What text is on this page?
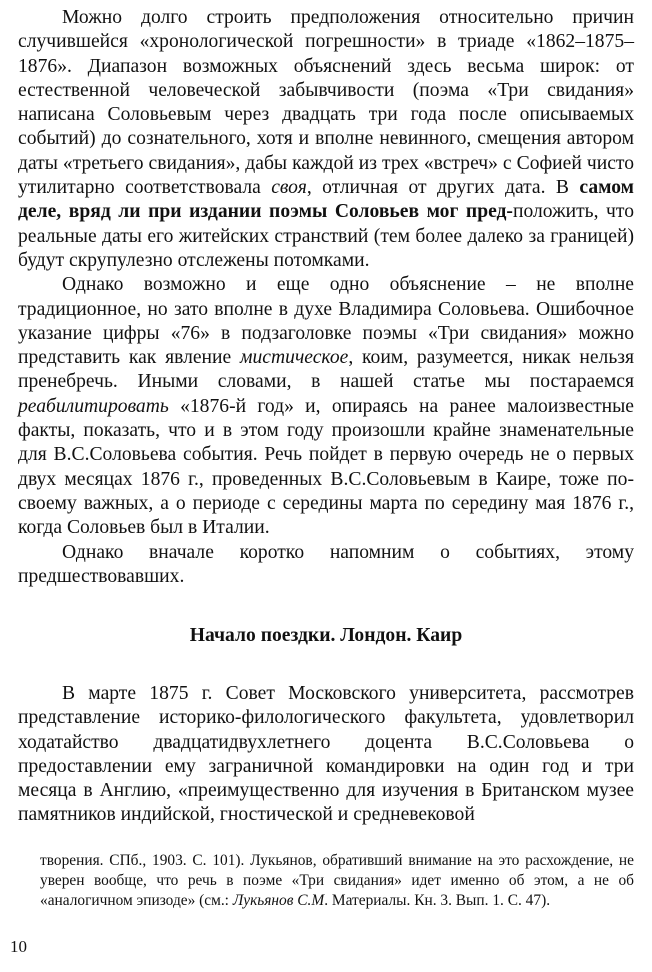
Можно долго строить предположения относительно причин случившейся «хронологической погрешности» в триаде «1862–1875–1876». Диапазон возможных объяснений здесь весьма широк: от естественной человеческой забывчивости (поэма «Три свидания» написана Соловьевым через двадцать три года после описываемых событий) до сознательного, хотя и вполне невинного, смещения автором даты «третьего свидания», дабы каждой из трех «встреч» с Софией чисто утилитарно соответствовала своя, отличная от других дата. В самом деле, вряд ли при издании поэмы Соловьев мог пред-положить, что реальные даты его житейских странствий (тем более далеко за границей) будут скрупулезно отслежены потомками.

Однако возможно и еще одно объяснение – не вполне традиционное, но зато вполне в духе Владимира Соловьева. Ошибочное указание цифры «76» в подзаголовке поэмы «Три свидания» можно представить как явление мистическое, коим, разумеется, никак нельзя пренебречь. Иными словами, в нашей статье мы постараемся реабилитировать «1876-й год» и, опираясь на ранее малоизвестные факты, показать, что и в этом году произошли крайне знаменательные для В.С.Соловьева события. Речь пойдет в первую очередь не о первых двух месяцах 1876 г., проведенных В.С.Соловьевым в Каире, тоже по-своему важных, а о периоде с середины марта по середину мая 1876 г., когда Соловьев был в Италии.

Однако вначале коротко напомним о событиях, этому предшествовавших.

Начало поездки. Лондон. Каир

В марте 1875 г. Совет Московского университета, рассмотрев представление историко-филологического факультета, удовлетворил ходатайство двадцатидвухлетнего доцента В.С.Соловьева о предоставлении ему заграничной командировки на один год и три месяца в Англию, «преимущественно для изучения в Британском музее памятников индийской, гностической и средневековой

творения. СПб., 1903. С. 101). Лукьянов, обративший внимание на это расхождение, не уверен вообще, что речь в поэме «Три свидания» идет именно об этом, а не об «аналогичном эпизоде» (см.: Лукьянов С.М. Материалы. Кн. 3. Вып. 1. С. 47).
10
